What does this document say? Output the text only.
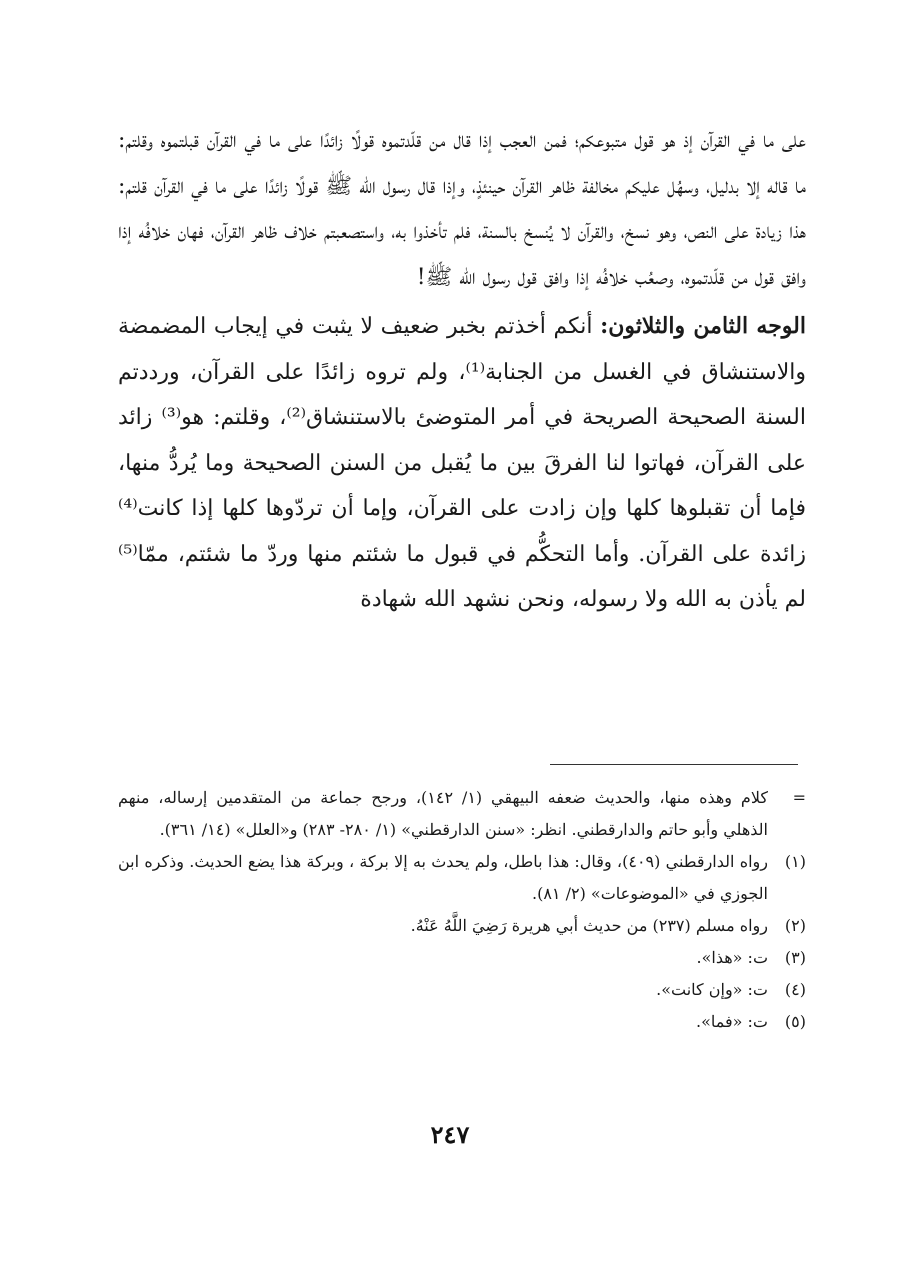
على ما في القرآن إذ هو قول متبوعكم؛ فمن العجب إذا قال من قلّدتموه قولًا زائدًا على ما في القرآن قبلتموه وقلتم: ما قاله إلا بدليل، وسهُل عليكم مخالفة ظاهر القرآن حينئذٍ، وإذا قال رسول الله ﷺ قولًا زائدًا على ما في القرآن قلتم: هذا زيادة على النص، وهو نسخ، والقرآن لا يُنسخ بالسنة، فلم تأخذوا به، واستصعبتم خلاف ظاهر القرآن، فهان خلافُه إذا وافق قول من قلّدتموه، وصعُب خلافُه إذا وافق قول رسول الله ﷺ!

الوجه الثامن والثلاثون: أنكم أخذتم بخبر ضعيف لا يثبت في إيجاب المضمضة والاستنشاق في الغسل من الجنابة⁽¹⁾، ولم تروه زائدًا على القرآن، ورددتم السنة الصحيحة الصريحة في أمر المتوضئ بالاستنشاق⁽²⁾، وقلتم: هو⁽³⁾ زائد على القرآن، فهاتوا لنا الفرقَ بين ما يُقبل من السنن الصحيحة وما يُردُّ منها، فإما أن تقبلوها كلها وإن زادت على القرآن، وإما أن تردّوها كلها إذا كانت⁽⁴⁾ زائدة على القرآن. وأما التحكُّم في قبول ما شئتم منها وردّ ما شئتم، ممّا⁽⁵⁾ لم يأذن به الله ولا رسوله، ونحن نشهد الله شهادة

=
كلام وهذه منها، والحديث ضعفه البيهقي (١/ ١٤٢)، ورجح جماعة من المتقدمين إرساله، منهم الذهلي وأبو حاتم والدارقطني. انظر: «سنن الدارقطني» (١/ ٢٨٠- ٢٨٣) و«العلل» (١٤/ ٣٦١).
(١)
رواه الدارقطني (٤٠٩)، وقال: هذا باطل، ولم يحدث به إلا بركة ، وبركة هذا يضع الحديث. وذكره ابن الجوزي في «الموضوعات» (٢/ ٨١).
(٢)
رواه مسلم (٢٣٧) من حديث أبي هريرة رَضِيَ اللَّهُ عَنْهُ.
(٣)
ت: «هذا».
(٤)
ت: «وإن كانت».
(٥)
ت: «فما».
٢٤٧
